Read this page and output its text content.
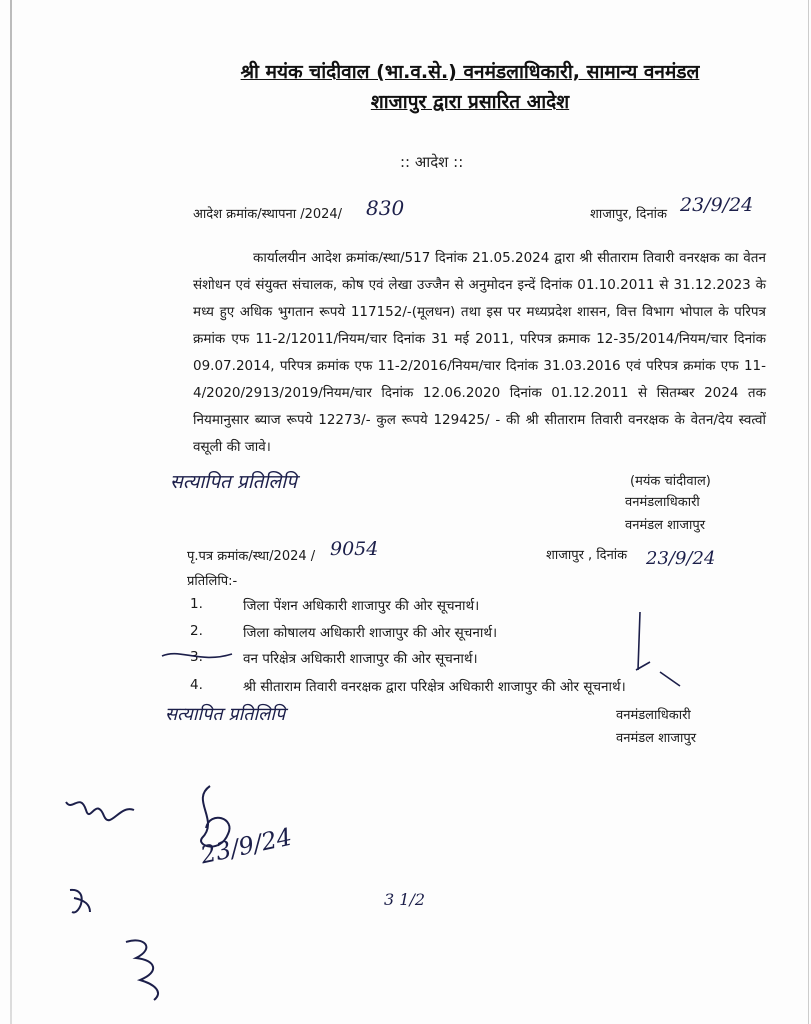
श्री मयंक चांदीवाल (भा.व.से.) वनमंडलाधिकारी, सामान्य वनमंडल
शाजापुर द्वारा प्रसारित आदेश
:: आदेश ::
आदेश क्रमांक/स्थापना /2024/ 830	शाजापुर, दिनांक 23/9/24
कार्यालयीन आदेश क्रमांक/स्था/517 दिनांक 21.05.2024 द्वारा श्री सीताराम तिवारी वनरक्षक का वेतन संशोधन एवं संयुक्त संचालक, कोष एवं लेखा उज्जैन से अनुमोदन इन्दें दिनांक 01.10.2011 से 31.12.2023 के मध्य हुए अधिक भुगतान रूपये 117152/-(मूलधन) तथा इस पर मध्यप्रदेश शासन, वित्त विभाग भोपाल के परिपत्र क्रमांक एफ 11-2/12011/नियम/चार दिनांक 31 मई 2011, परिपत्र क्रमाक 12-35/2014/नियम/चार दिनांक 09.07.2014, परिपत्र क्रमांक एफ 11-2/2016/नियम/चार दिनांक 31.03.2016 एवं परिपत्र क्रमांक एफ 11-4/2020/2913/2019/नियम/चार दिनांक 12.06.2020 दिनांक 01.12.2011 से सितम्बर 2024 तक नियमानुसार ब्याज रूपये 12273/- कुल रूपये 129425/ - की श्री सीताराम तिवारी वनरक्षक के वेतन/देय स्वत्वों वसूली की जावे।
सत्यापित प्रतिलिपि	(मयंक चांदीवाल)
वनमंडलाधिकारी
वनमंडल शाजापुर
पृ.पत्र क्रमांक/स्था/2024 / 9054	शाजापुर , दिनांक 23/9/24
प्रतिलिपि:-
1.	जिला पेंशन अधिकारी शाजापुर की ओर सूचनार्थ।
2.	जिला कोषालय अधिकारी शाजापुर की ओर सूचनार्थ।
3.	वन परिक्षेत्र अधिकारी शाजापुर की ओर सूचनार्थ।
4.	श्री सीताराम तिवारी वनरक्षक द्वारा परिक्षेत्र अधिकारी शाजापुर की ओर सूचनार्थ।
सत्यापित प्रतिलिपि	वनमंडलाधिकारी
वनमंडल शाजापुर
23/9/24
3 1/2
